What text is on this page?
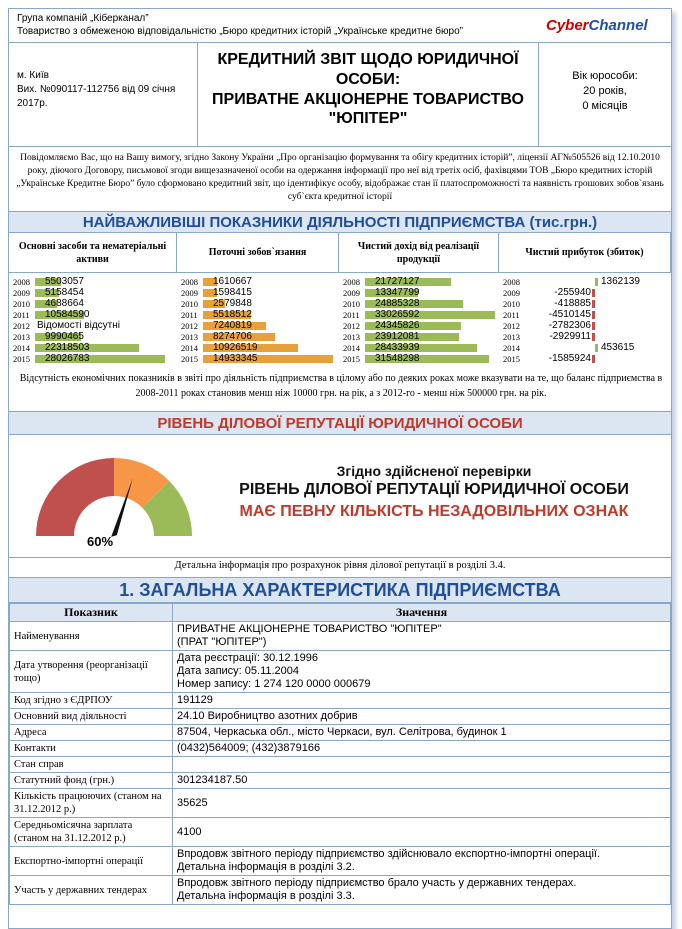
Група компаній „Кіберканал”
Товариство з обмеженою відповідальністю „Бюро кредитних історій „Українське кредитне бюро”	CyberChannel
м. Київ
Вих. №090117-112756 від 09 січня 2017р.
КРЕДИТНИЙ ЗВІТ ЩОДО ЮРИДИЧНОЇ ОСОБИ:
ПРИВАТНЕ АКЦІОНЕРНЕ ТОВАРИСТВО "ЮПІТЕР"
Вік юрособи:
20 років,
0 місяців
Повідомляємо Вас, що на Вашу вимогу, згідно Закону України „Про організацію формування та обігу кредитних історій”, ліцензії АГ№505526 від 12.10.2010 року, діючого Договору, письмової згоди вищезазначеної особи на одержання інформації про неї від третіх осіб, фахівцями ТОВ „Бюро кредитних історій „Українське Кредитне Бюро” було сформовано кредитний звіт, що ідентифікує особу, відображає стан її платоспроможності та наявність грошових зобов`язань суб`єкта кредитної історії
НАЙВАЖЛИВІШІ ПОКАЗНИКИ ДІЯЛЬНОСТІ ПІДПРИЄМСТВА (тис.грн.)
Основні засоби та нематеріальні активи
2008	5503057
2009	5158454
2010	4688664
2011	10584590
2012 Відомості відсутні
2013	9990465
2014	22318503
2015	28026783
Поточні зобов`язання
2008	1610667
2009	1598415
2010	2579848
2011	5518512
2012	7240819
2013	8274706
2014	10926519
2015	14933345
Чистий дохід від реалізації продукції
2008	21727127
2009	13347799
2010	24885328
2011	33026592
2012	24345826
2013	23912081
2014	28433939
2015	31548298
Чистий прибуток (збиток)
2008	1362139
2009	-255940
2010	-418885
2011	-4510145
2012	-2782306
2013	-2929911
2014	453615
2015	-1585924
Відсутність економічних показників в звіті про діяльність підприємства в цілому або по деяких роках може вказувати на те, що баланс підприємства в 2008-2011 роках становив менш ніж 10000 грн. на рік, а з 2012-го - менш ніж 500000 грн. на рік.
РІВЕНЬ ДІЛОВОЇ РЕПУТАЦІЇ ЮРИДИЧНОЇ ОСОБИ
60%
Згідно здійсненої перевірки
РІВЕНЬ ДІЛОВОЇ РЕПУТАЦІЇ ЮРИДИЧНОЇ ОСОБИ
МАЄ ПЕВНУ КІЛЬКІСТЬ НЕЗАДОВІЛЬНИХ ОЗНАК
Детальна інформація про розрахунок рівня ділової репутації в розділі 3.4.
1. ЗАГАЛЬНА ХАРАКТЕРИСТИКА ПІДПРИЄМСТВА
Показник	Значення
Найменування	ПРИВАТНЕ АКЦІОНЕРНЕ ТОВАРИСТВО "ЮПІТЕР"
(ПРАТ "ЮПІТЕР")

Дата утворення (реорганізації тощо)	Дата реєстрації: 30.12.1996
Дата запису: 05.11.2004
Номер запису: 1 274 120 0000 000679

Код згідно з ЄДРПОУ	191129

Основний вид діяльності	24.10 Виробництво азотних добрив

Адреса	87504, Черкаська обл., місто Черкаси, вул. Селітрова, будинок 1

Контакти	(0432)564009; (432)3879166

Стан справ	

Статутний фонд (грн.)	301234187.50

Кількість працюючих (станом на 31.12.2012 р.)	35625

Середньомісячна зарплата (станом на 31.12.2012 р.)	4100

Експортно-імпортні операції	Впродовж звітного періоду підприємство здійснювало експортно-імпортні операції.
Детальна інформація в розділі 3.2.

Участь у державних тендерах	Впродовж звітного періоду підприємство брало участь у державних тендерах.
Детальна інформація в розділі 3.3.
